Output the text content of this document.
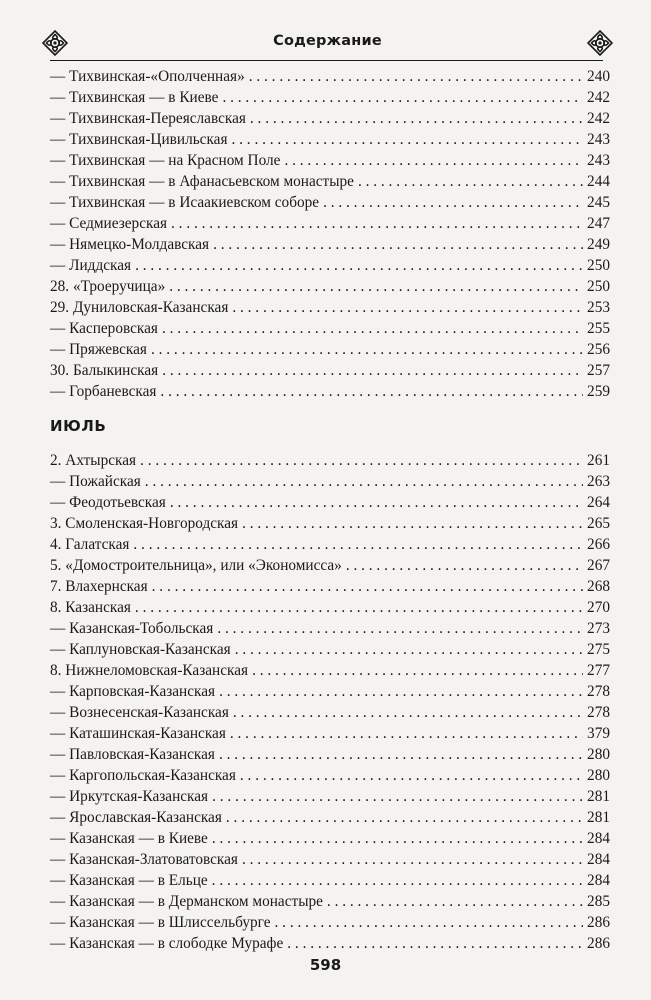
Содержание
— Тихвинская-«Ополченная» . . .	240
— Тихвинская — в Киеве . . .	242
— Тихвинская-Переяславская . . .	242
— Тихвинская-Цивильская . . .	243
— Тихвинская — на Красном Поле . . .	243
— Тихвинская — в Афанасьевском монастыре . . .	244
— Тихвинская — в Исаакиевском соборе . . .	245
— Седмиезерская . . .	247
— Нямецко-Молдавская . . .	249
— Лиддская . . .	250
28. «Троеручица» . . .	250
29. Дуниловская-Казанская . . .	253
— Касперовская . . .	255
— Пряжевская . . .	256
30. Балыкинская . . .	257
— Горбаневская . . .	259
ИЮЛЬ
2. Ахтырская . . .	261
— Пожайская . . .	263
— Феодотьевская . . .	264
3. Смоленская-Новгородская . . .	265
4. Галатская . . .	266
5. «Домостроительница», или «Экономисса» . . .	267
7. Влахернская . . .	268
8. Казанская . . .	270
— Казанская-Тобольская . . .	273
— Каплуновская-Казанская . . .	275
8. Нижнеломовская-Казанская . . .	277
— Карповская-Казанская . . .	278
— Вознесенская-Казанская . . .	278
— Каташинская-Казанская . . .	379
— Павловская-Казанская . . .	280
— Каргопольская-Казанская . . .	280
— Иркутская-Казанская . . .	281
— Ярославская-Казанская . . .	281
— Казанская — в Киеве . . .	284
— Казанская-Златоватовская . . .	284
— Казанская — в Ельце . . .	284
— Казанская — в Дерманском монастыре . . .	285
— Казанская — в Шлиссельбурге . . .	286
— Казанская — в слободке Мурафе . . .	286
598
